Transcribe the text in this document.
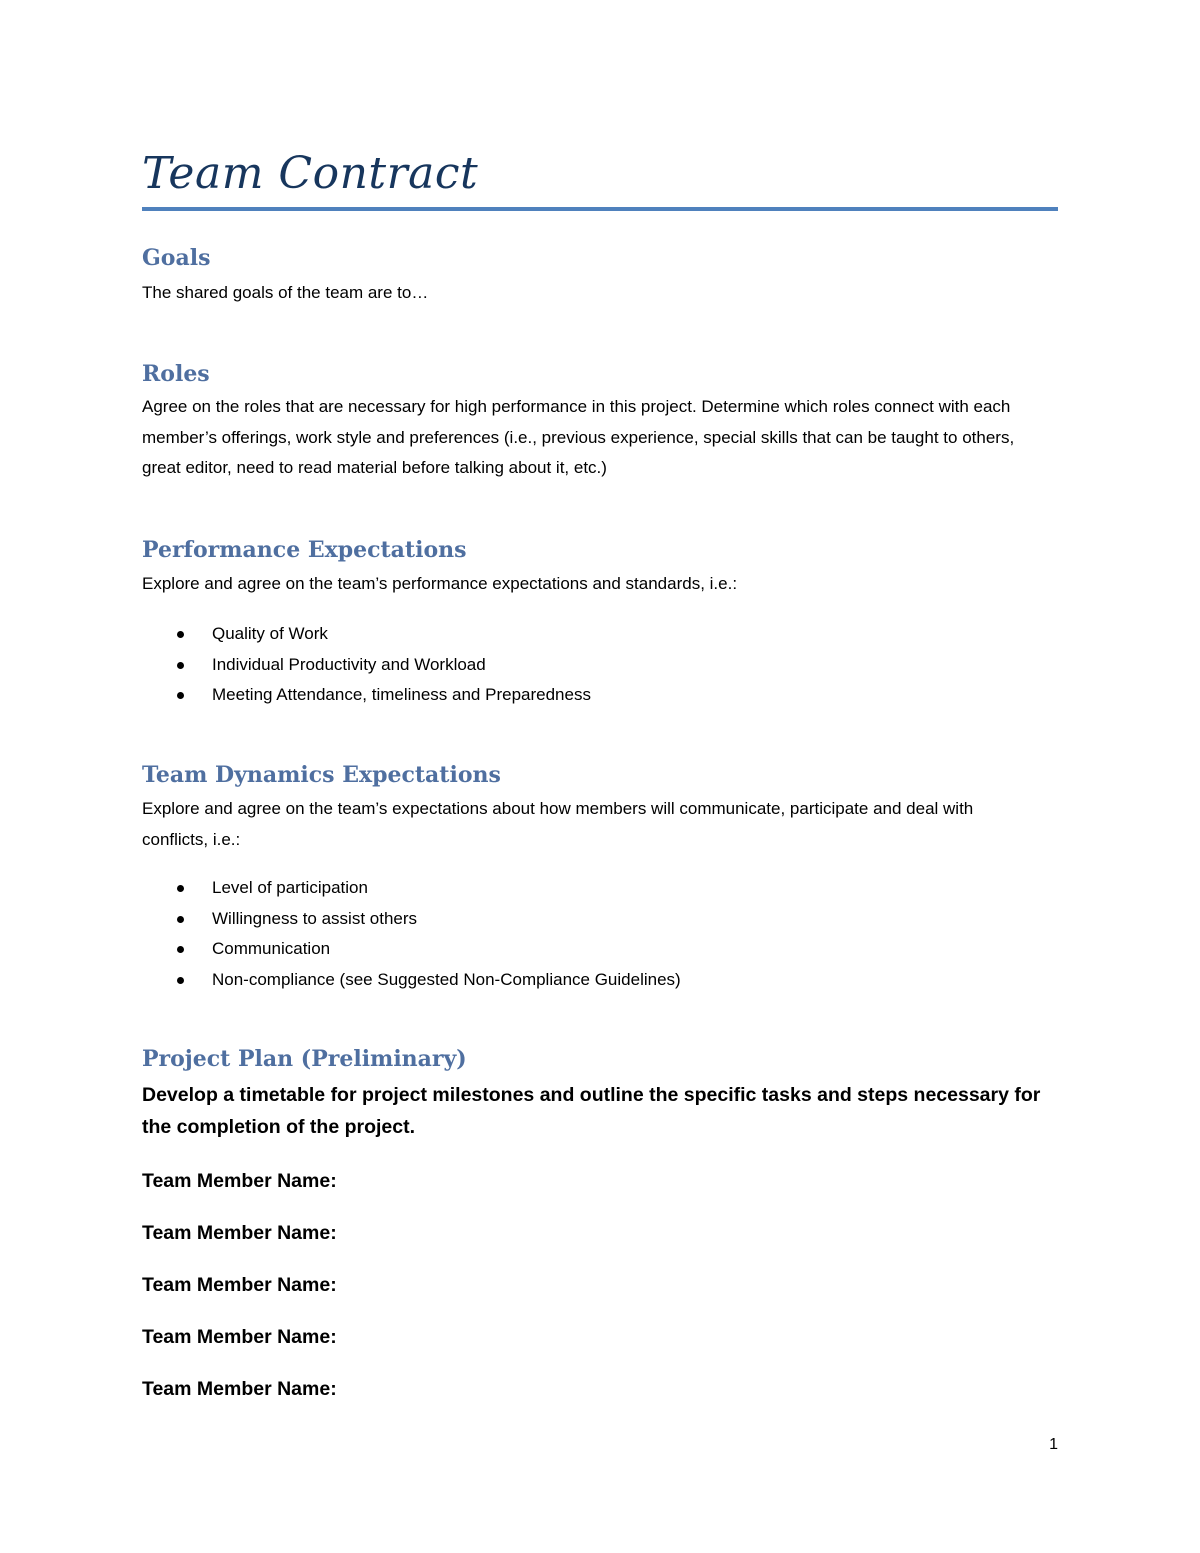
Team Contract
Goals

The shared goals of the team are to…

Roles

Agree on the roles that are necessary for high performance in this project. Determine which roles connect with each member’s offerings, work style and preferences (i.e., previous experience, special skills that can be taught to others, great editor, need to read material before talking about it, etc.)

Performance Expectations

Explore and agree on the team’s performance expectations and standards, i.e.:

Quality of Work
Individual Productivity and Workload
Meeting Attendance, timeliness and Preparedness
Team Dynamics Expectations

Explore and agree on the team’s expectations about how members will communicate, participate and deal with conflicts, i.e.:

Level of participation
Willingness to assist others
Communication
Non-compliance (see Suggested Non-Compliance Guidelines)
Project Plan (Preliminary)

Develop a timetable for project milestones and outline the specific tasks and steps necessary for the completion of the project.

Team Member Name:

Team Member Name:

Team Member Name:

Team Member Name:

Team Member Name:

1
